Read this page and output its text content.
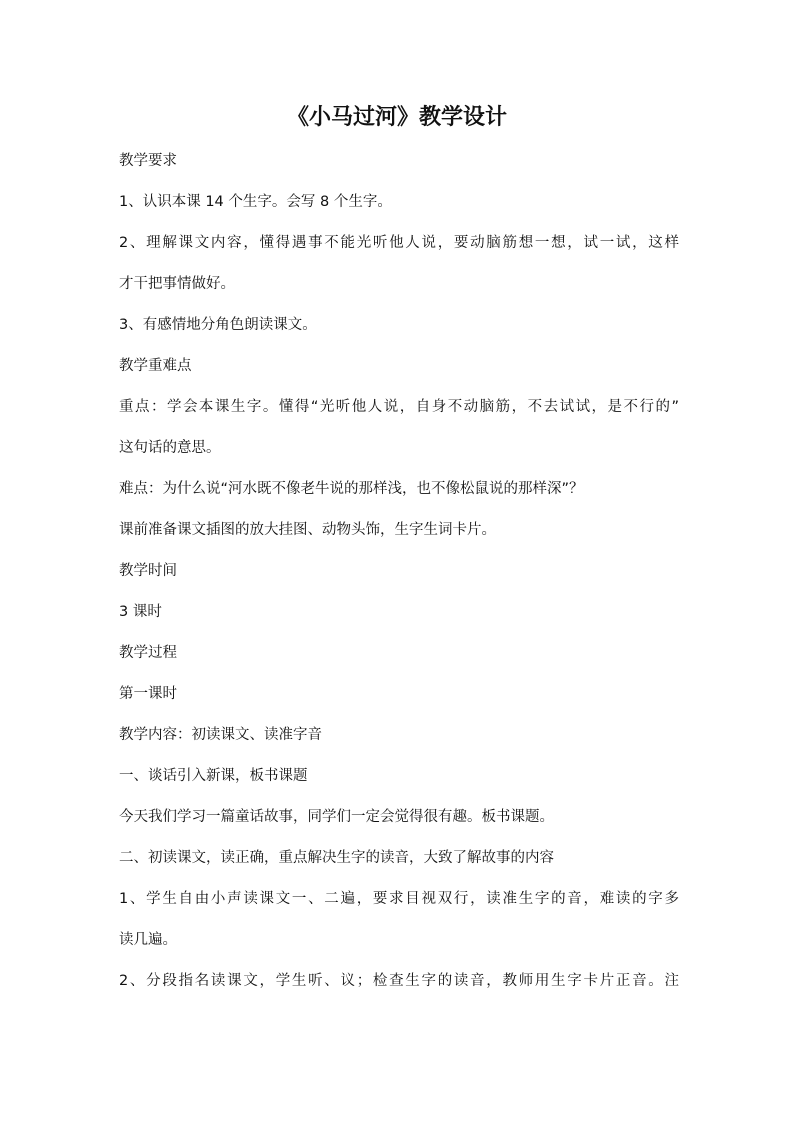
《小马过河》教学设计

教学要求

1、认识本课 14 个生字。会写 8 个生字。

2、理解课文内容，懂得遇事不能光听他人说，要动脑筋想一想，试一试，这样

才干把事情做好。

3、有感情地分角色朗读课文。

教学重难点

重点：学会本课生字。懂得“光听他人说，自身不动脑筋，不去试试，是不行的”

这句话的意思。

难点：为什么说“河水既不像老牛说的那样浅，也不像松鼠说的那样深”？

课前准备课文插图的放大挂图、动物头饰，生字生词卡片。

教学时间

3 课时

教学过程

第一课时

教学内容：初读课文、读准字音

一、谈话引入新课，板书课题

今天我们学习一篇童话故事，同学们一定会觉得很有趣。板书课题。

二、初读课文，读正确，重点解决生字的读音，大致了解故事的内容

1、学生自由小声读课文一、二遍，要求目视双行，读准生字的音，难读的字多

读几遍。

2、分段指名读课文，学生听、议；检查生字的读音，教师用生字卡片正音。注
